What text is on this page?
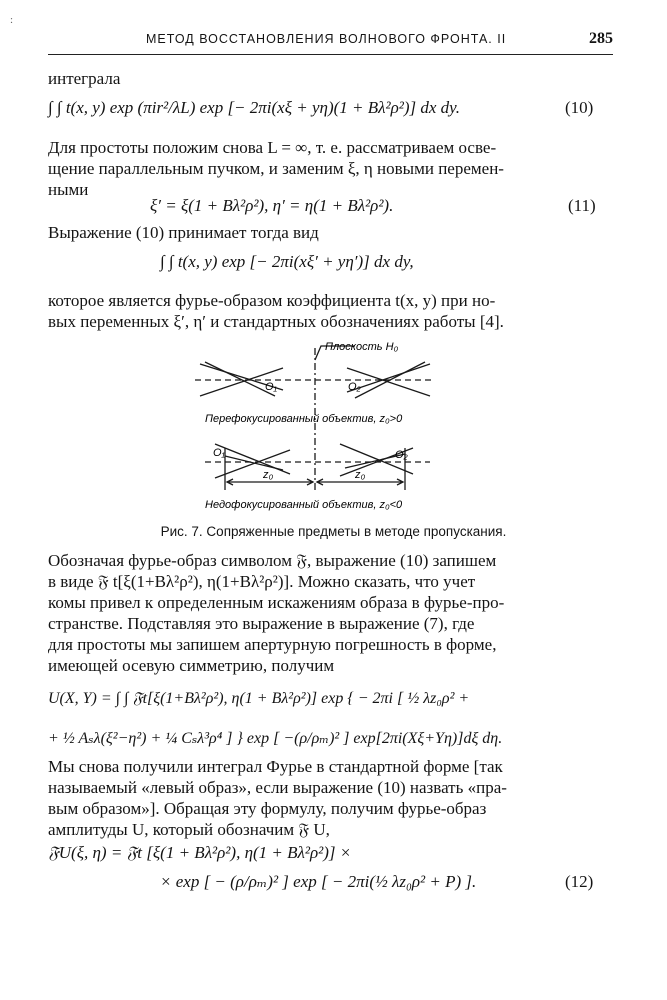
:
МЕТОД ВОССТАНОВЛЕНИЯ ВОЛНОВОГО ФРОНТА. II	285
интеграла
∫ ∫ t(x, y) exp (πir²/λL) exp [− 2πi(xξ + yη)(1 + Bλ²ρ²)] dx dy.	(10)
Для простоты положим снова L = ∞, т. е. рассматриваем осве-
щение параллельным пучком, и заменим ξ, η новыми перемен-
ными
ξ′ = ξ(1 + Bλ²ρ²), η′ = η(1 + Bλ²ρ²).	(11)
Выражение (10) принимает тогда вид
∫ ∫ t(x, y) exp [− 2πi(xξ′ + yη′)] dx dy,
которое является фурье-образом коэффициента t(x, y) при но-
вых переменных ξ′, η′ и стандартных обозначениях работы [4].
Плоскость H₀
O₁	O₂
Перефокусированный объектив, z₀>0
O₁	O₂
z₀	z₀
Недофокусированный объектив, z₀<0
Рис. 7. Сопряженные предметы в методе пропускания.
Обозначая фурье-образ символом 𝔉, выражение (10) запишем
в виде 𝔉 t[ξ(1+Bλ²ρ²), η(1+Bλ²ρ²)]. Можно сказать, что учет
комы привел к определенным искажениям образа в фурье-про-
странстве. Подставляя это выражение в выражение (7), где
для простоты мы запишем апертурную погрешность в форме,
имеющей осевую симметрию, получим
U(X, Y) = ∫ ∫ 𝔉t[ξ(1+Bλ²ρ²), η(1 + Bλ²ρ²)] exp { − 2πi [ ½ λz₀ρ² +
+ ½ Aₛλ(ξ²−η²) + ¼ Cₛλ³ρ⁴ ] } exp [ −(ρ/ρₘ)² ] exp[2πi(Xξ+Yη)]dξ dη.
Мы снова получили интеграл Фурье в стандартной форме [так
называемый «левый образ», если выражение (10) назвать «пра-
вым образом»]. Обращая эту формулу, получим фурье-образ
амплитуды U, который обозначим 𝔉 U,
𝔉U(ξ, η) = 𝔉t [ξ(1 + Bλ²ρ²), η(1 + Bλ²ρ²)] ×
× exp [ − (ρ/ρₘ)² ] exp [ − 2πi(½ λz₀ρ² + P) ].	(12)
